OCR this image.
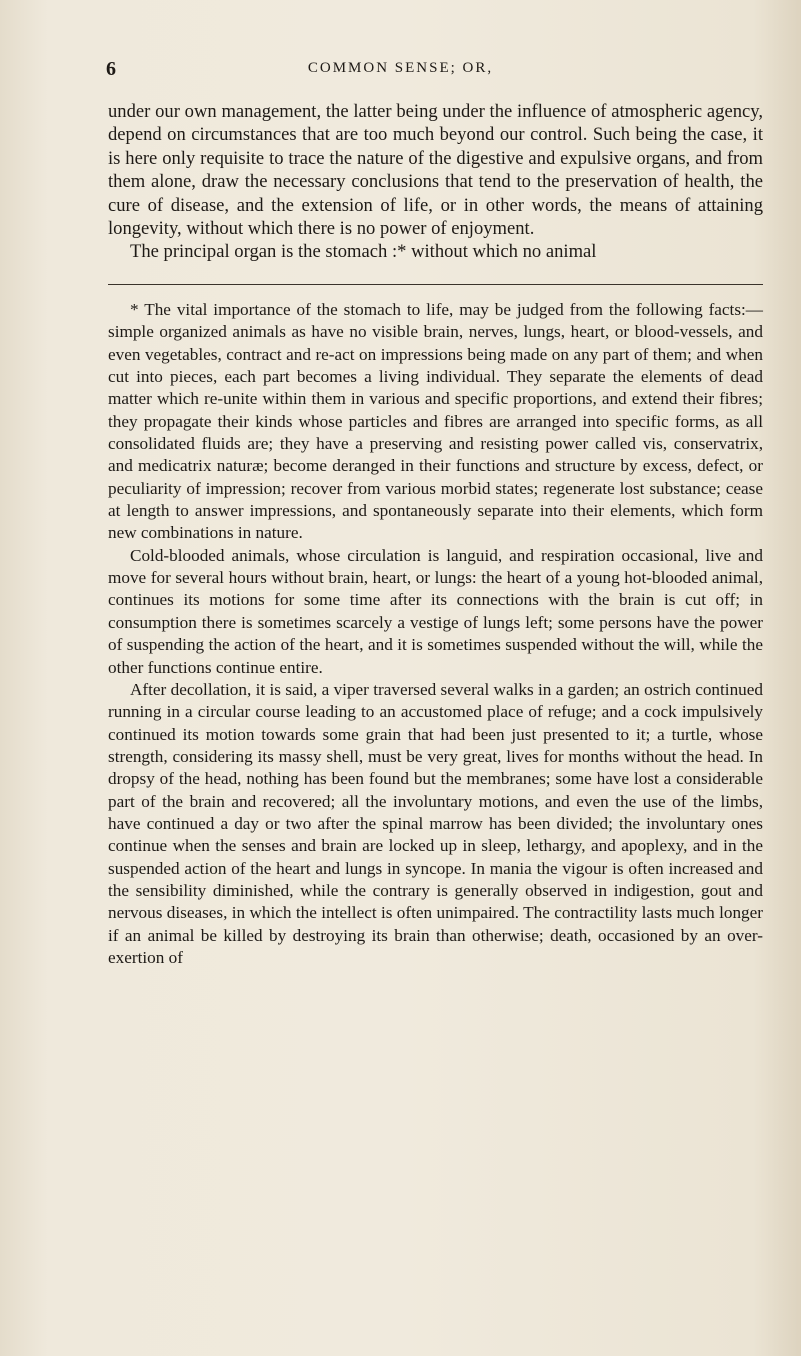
6	COMMON SENSE; OR,

under our own management, the latter being under the influence of atmospheric agency, depend on circumstances that are too much beyond our control. Such being the case, it is here only requisite to trace the nature of the digestive and expulsive organs, and from them alone, draw the necessary conclusions that tend to the preservation of health, the cure of disease, and the extension of life, or in other words, the means of attaining longevity, without which there is no power of enjoyment.

The principal organ is the stomach :* without which no animal

* The vital importance of the stomach to life, may be judged from the following facts:—simple organized animals as have no visible brain, nerves, lungs, heart, or blood-vessels, and even vegetables, contract and re-act on impressions being made on any part of them; and when cut into pieces, each part becomes a living individual. They separate the elements of dead matter which re-unite within them in various and specific proportions, and extend their fibres; they propagate their kinds whose particles and fibres are arranged into specific forms, as all consolidated fluids are; they have a preserving and resisting power called vis, conservatrix, and medicatrix naturæ; become deranged in their functions and structure by excess, defect, or peculiarity of impression; recover from various morbid states; regenerate lost substance; cease at length to answer impressions, and spontaneously separate into their elements, which form new combinations in nature.

Cold-blooded animals, whose circulation is languid, and respiration occasional, live and move for several hours without brain, heart, or lungs: the heart of a young hot-blooded animal, continues its motions for some time after its connections with the brain is cut off; in consumption there is sometimes scarcely a vestige of lungs left; some persons have the power of suspending the action of the heart, and it is sometimes suspended without the will, while the other functions continue entire.

After decollation, it is said, a viper traversed several walks in a garden; an ostrich continued running in a circular course leading to an accustomed place of refuge; and a cock impulsively continued its motion towards some grain that had been just presented to it; a turtle, whose strength, considering its massy shell, must be very great, lives for months without the head. In dropsy of the head, nothing has been found but the membranes; some have lost a considerable part of the brain and recovered; all the involuntary motions, and even the use of the limbs, have continued a day or two after the spinal marrow has been divided; the involuntary ones continue when the senses and brain are locked up in sleep, lethargy, and apoplexy, and in the suspended action of the heart and lungs in syncope. In mania the vigour is often increased and the sensibility diminished, while the contrary is generally observed in indigestion, gout and nervous diseases, in which the intellect is often unimpaired. The contractility lasts much longer if an animal be killed by destroying its brain than otherwise; death, occasioned by an over-exertion of
